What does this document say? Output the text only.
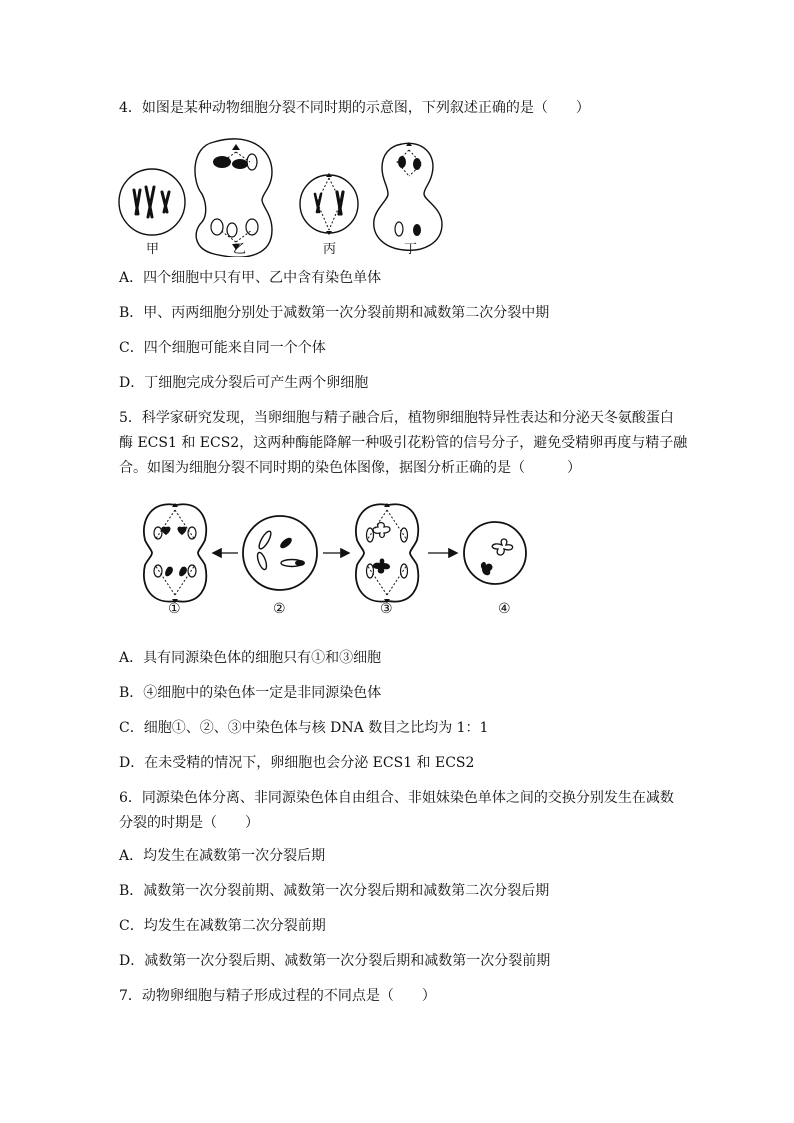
4．如图是某种动物细胞分裂不同时期的示意图，下列叙述正确的是（　　）
甲	乙	丙	丁
A．四个细胞中只有甲、乙中含有染色单体
B．甲、丙两细胞分别处于减数第一次分裂前期和减数第二次分裂中期
C．四个细胞可能来自同一个个体
D．丁细胞完成分裂后可产生两个卵细胞
5．科学家研究发现，当卵细胞与精子融合后，植物卵细胞特异性表达和分泌天冬氨酸蛋白
酶 ECS1 和 ECS2，这两种酶能降解一种吸引花粉管的信号分子，避免受精卵再度与精子融
合。如图为细胞分裂不同时期的染色体图像，据图分析正确的是（　　　）
①	②	③	④
A．具有同源染色体的细胞只有①和③细胞
B．④细胞中的染色体一定是非同源染色体
C．细胞①、②、③中染色体与核 DNA 数目之比均为 1：1
D．在未受精的情况下，卵细胞也会分泌 ECS1 和 ECS2
6．同源染色体分离、非同源染色体自由组合、非姐妹染色单体之间的交换分别发生在减数
分裂的时期是（　　）
A．均发生在减数第一次分裂后期
B．减数第一次分裂前期、减数第一次分裂后期和减数第二次分裂后期
C．均发生在减数第二次分裂前期
D．减数第一次分裂后期、减数第一次分裂后期和减数第一次分裂前期
7．动物卵细胞与精子形成过程的不同点是（　　）
